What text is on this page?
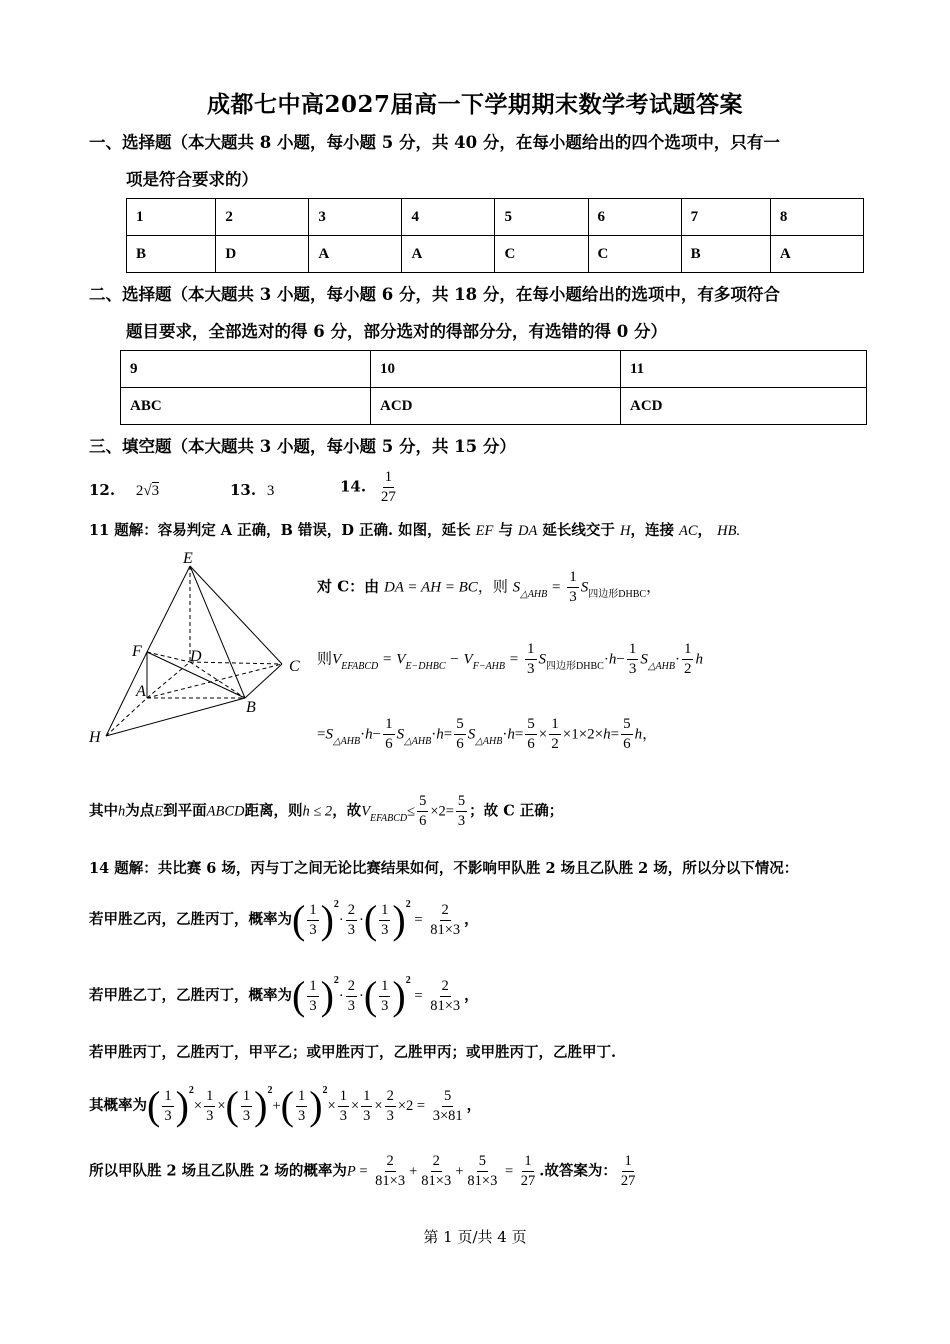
成都七中高2027届高一下学期期末数学考试题答案
一、选择题（本大题共 8 小题，每小题 5 分，共 40 分，在每小题给出的四个选项中，只有一
项是符合要求的）
1	2	3	4	5	6	7	8
B	D	A	A	C	C	B	A
二、选择题（本大题共 3 小题，每小题 6 分，共 18 分，在每小题给出的选项中，有多项符合
题目要求，全部选对的得 6 分，部分选对的得部分分，有选错的得 0 分）
9	10	11
ABC	ACD	ACD
三、填空题（本大题共 3 小题，每小题 5 分，共 15 分）
12. 2√3	13. 3	14. $\frac{1}{27}$
11 题解：容易判定 A 正确，B 错误，D 正确. 如图，延长 EF 与 DA 延长线交于 H，连接 AC， HB.
E
F	D
C
A
B
H
对 C：由 DA = AH = BC，则 $S_{\triangle AHB} = \frac{1}{3} S_{四边形DHBC}$，
则$V_{EFABCD} = V_{E-DHBC} - V_{F-AHB} = \frac{1}{3} S_{四边形DHBC}\cdot h- \frac{1}{3} S_{\triangle AHB}\cdot \frac{1}{2}$ h
$=S_{\triangle AHB}\cdot h- \frac{1}{6} S_{\triangle AHB}\cdot h= \frac{5}{6} S_{\triangle AHB}\cdot h= \frac{5}{6} \times \frac{1}{2} \times 1\times 2\times h= \frac{5}{6}$ h，
其中h为点E到平面ABCD距离，则h ≤ 2，故$V_{EFABCD}\le \frac{5}{6} \times 2= \frac{5}{3}$ ；故 C 正确；
14 题解：共比赛 6 场，丙与丁之间无论比赛结果如何，不影响甲队胜 2 场且乙队胜 2 场，所以分以下情况：
若甲胜乙丙，乙胜丙丁，概率为( $\frac{1}{3} )^2\cdot \frac{2}{3}$ ·( $\frac{1}{3} )^2 = \frac{2}{81\times 3}$ ，
若甲胜乙丁，乙胜丙丁，概率为( $\frac{1}{3} )^2\cdot \frac{2}{3}$ ·( $\frac{1}{3} )^2 = \frac{2}{81\times 3}$ ，
若甲胜丙丁，乙胜丙丁，甲平乙；或甲胜丙丁，乙胜甲丙；或甲胜丙丁，乙胜甲丁.
其概率为( $\frac{1}{3} )^2\times \frac{1}{3}$ ×( $\frac{1}{3} )^2+( \frac{1}{3} )^2\times \frac{1}{3} \times \frac{1}{3} \times \frac{2}{3} \times 2 = \frac{5}{3\times 81}$ ，
所以甲队胜 2 场且乙队胜 2 场的概率为$P = \frac{2}{81\times 3} + \frac{2}{81\times 3} + \frac{5}{81\times 3} = \frac{1}{27}$ .故答案为： $\frac{1}{27}$
第 1 页/共 4 页
